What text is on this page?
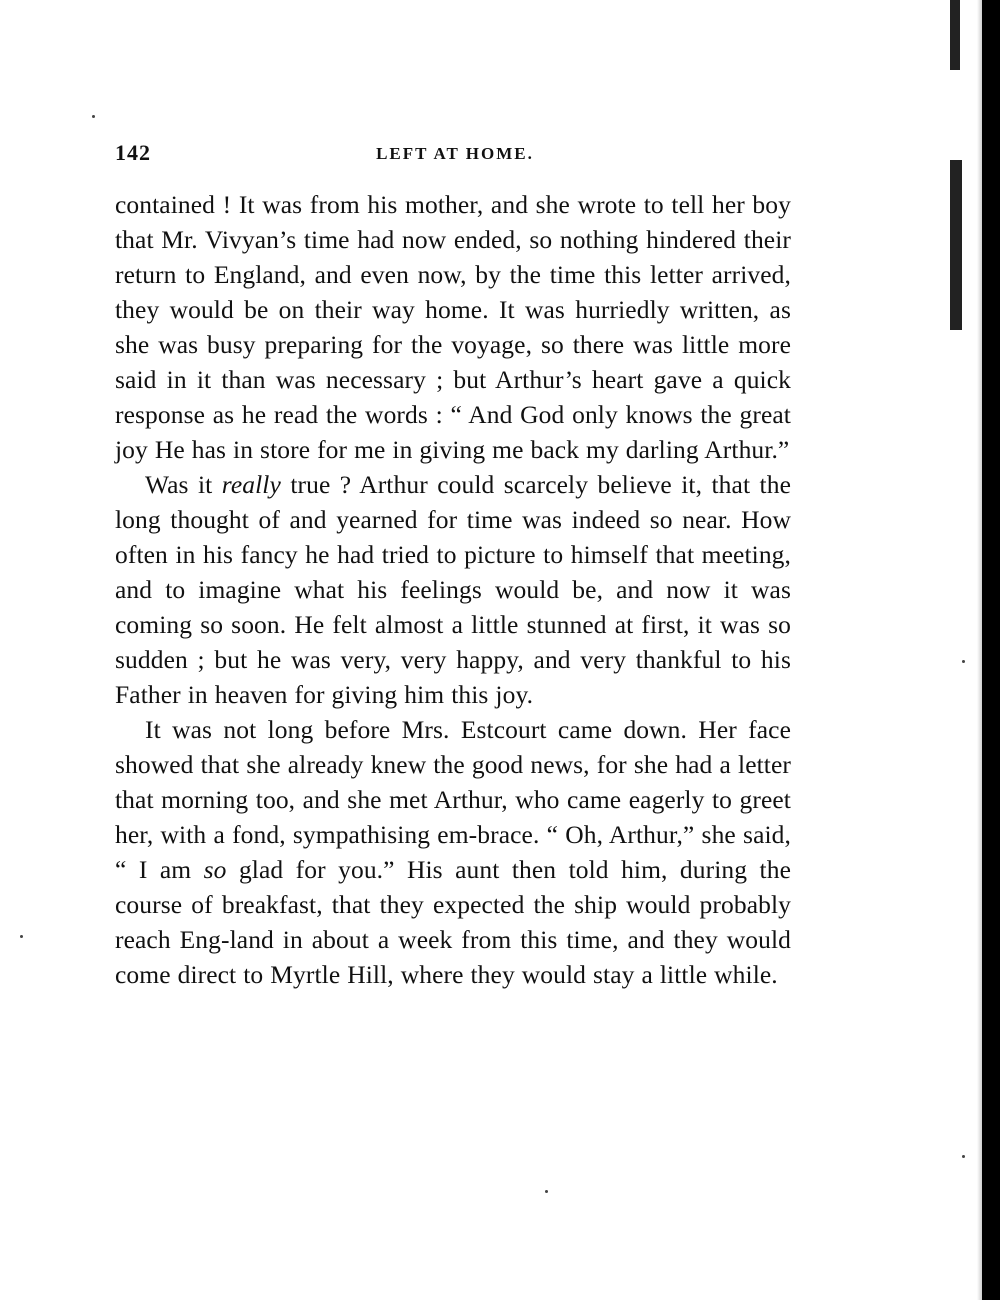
142	LEFT AT HOME.

contained ! It was from his mother, and she wrote to tell her boy that Mr. Vivyan’s time had now ended, so nothing hindered their return to England, and even now, by the time this letter arrived, they would be on their way home. It was hurriedly written, as she was busy preparing for the voyage, so there was little more said in it than was necessary ; but Arthur’s heart gave a quick response as he read the words : “ And God only knows the great joy He has in store for me in giving me back my darling Arthur.”

Was it really true ? Arthur could scarcely believe it, that the long thought of and yearned for time was indeed so near. How often in his fancy he had tried to picture to himself that meeting, and to imagine what his feelings would be, and now it was coming so soon. He felt almost a little stunned at first, it was so sudden ; but he was very, very happy, and very thankful to his Father in heaven for giving him this joy.

It was not long before Mrs. Estcourt came down. Her face showed that she already knew the good news, for she had a letter that morning too, and she met Arthur, who came eagerly to greet her, with a fond, sympathising em-brace. “ Oh, Arthur,” she said, “ I am so glad for you.” His aunt then told him, during the course of breakfast, that they expected the ship would probably reach Eng-land in about a week from this time, and they would come direct to Myrtle Hill, where they would stay a little while.
